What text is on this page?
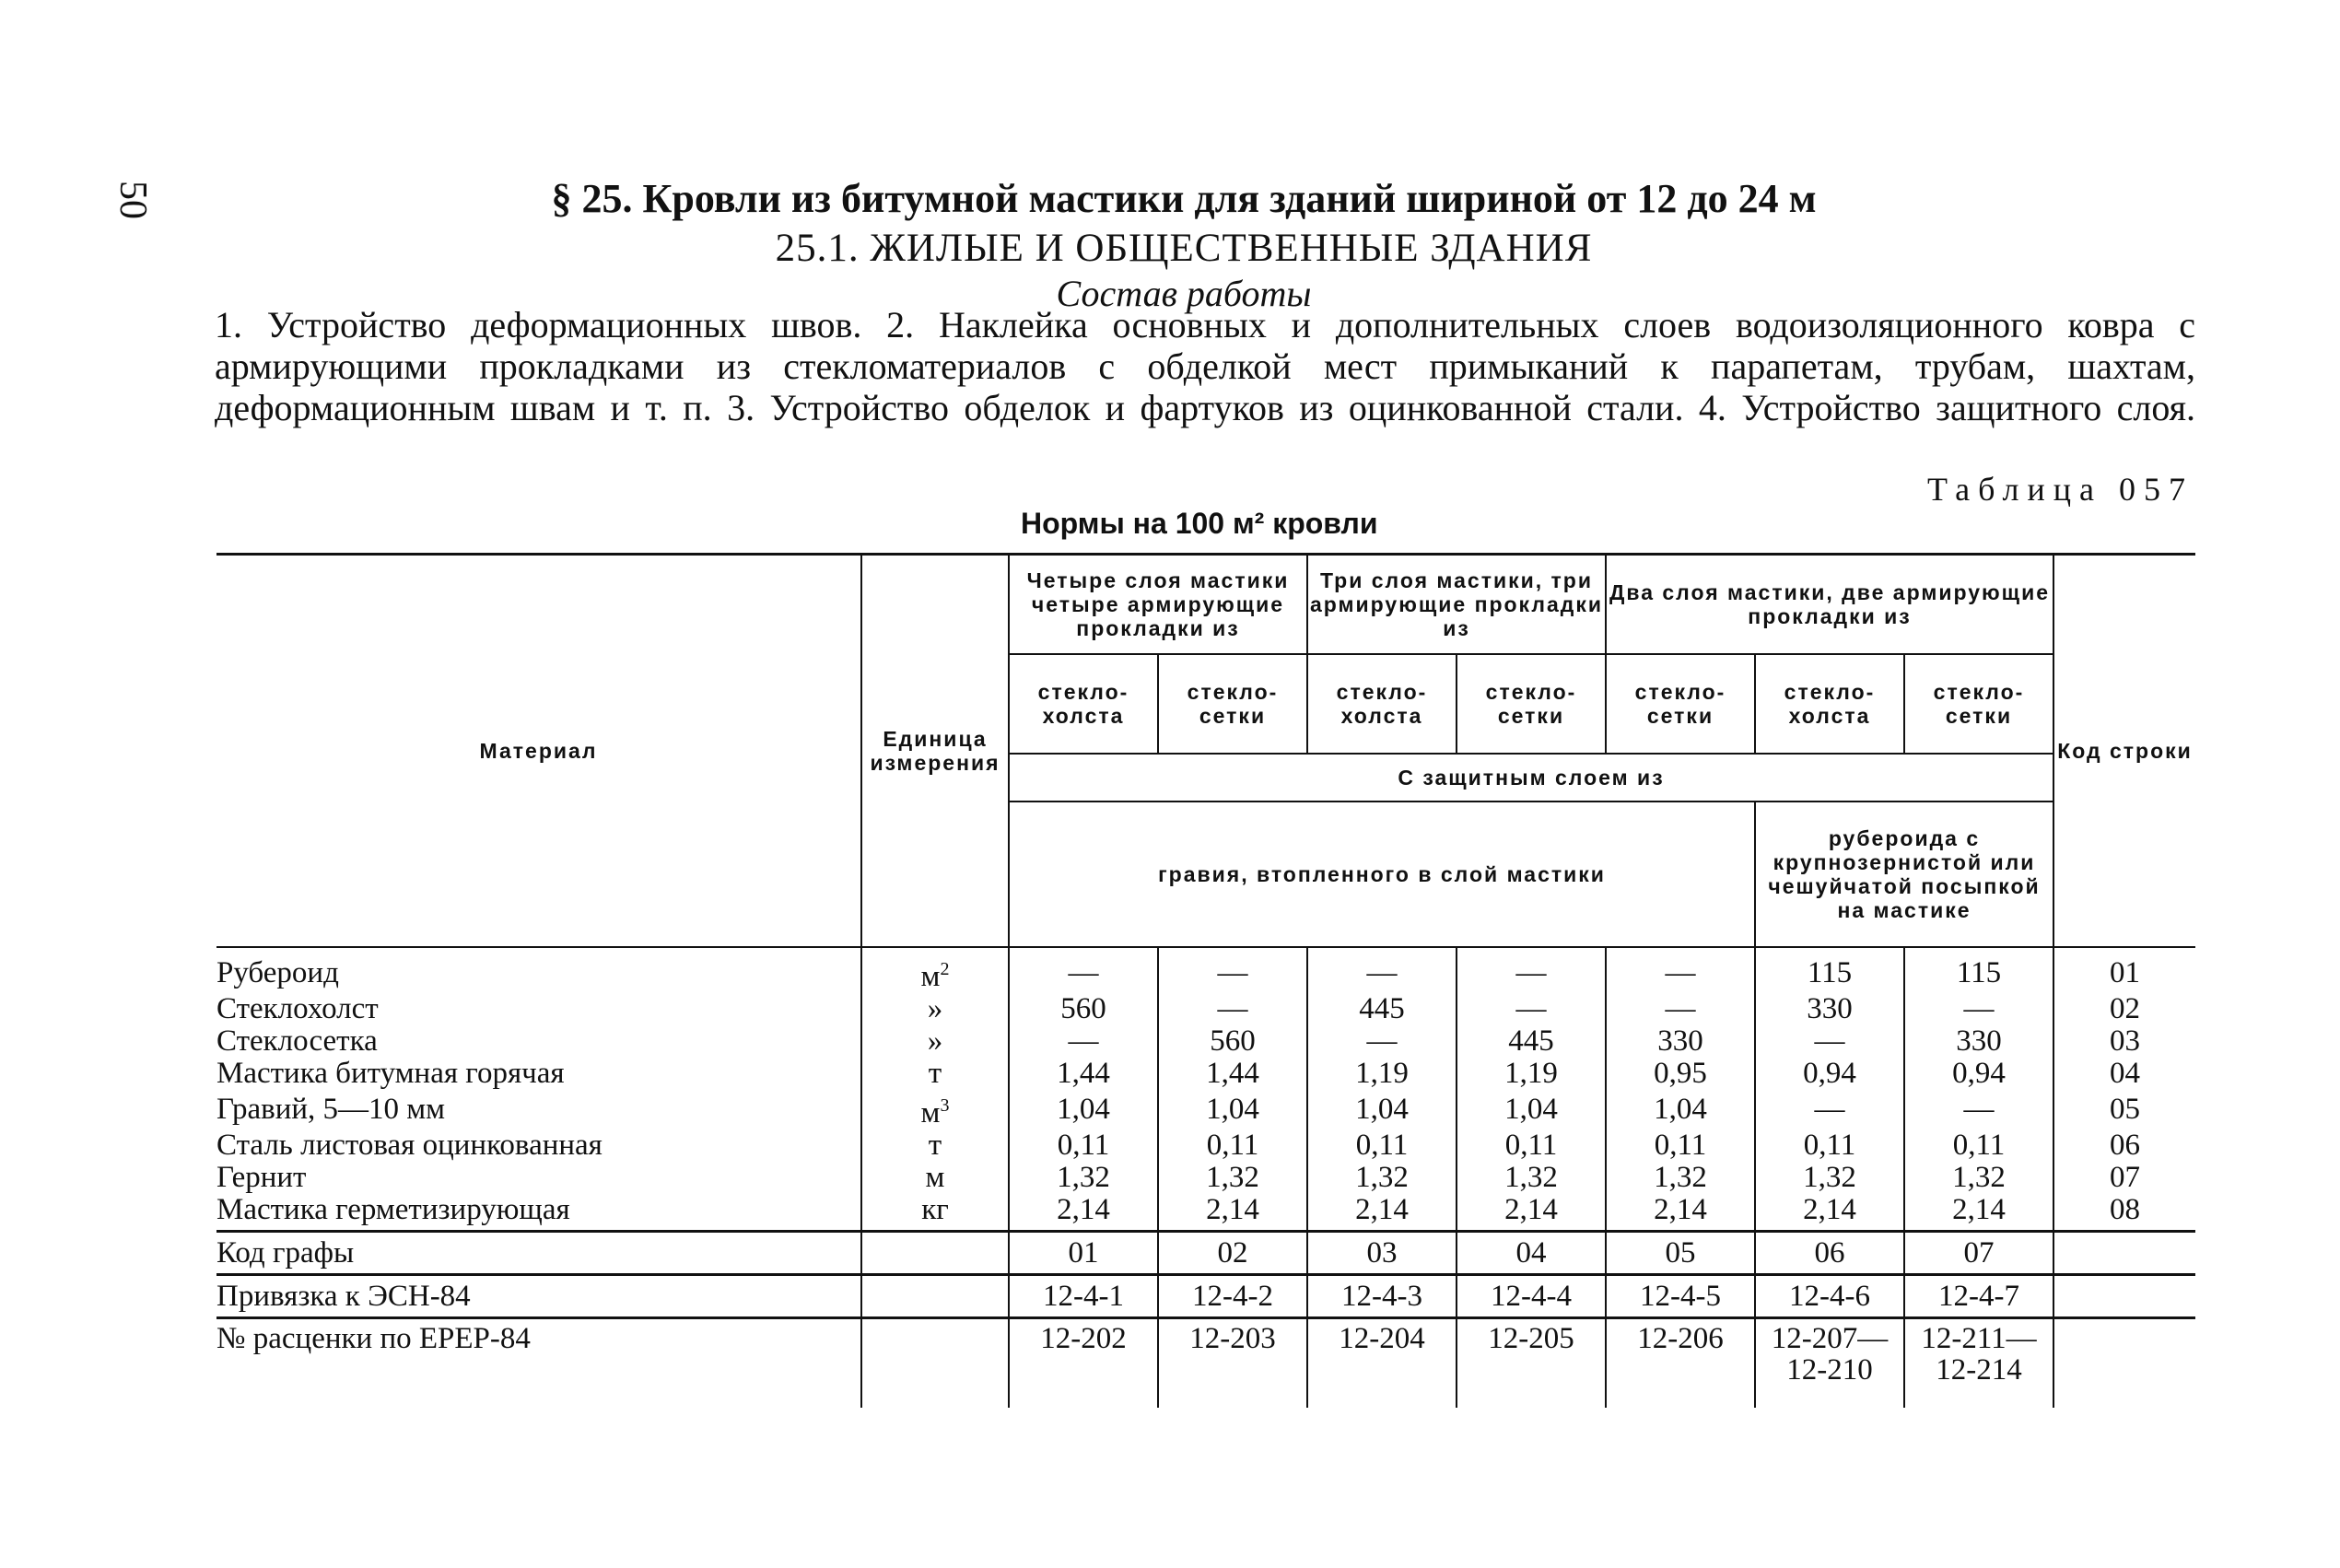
50	§ 25. Кровли из битумной мастики для зданий шириной от 12 до 24 м
25.1. ЖИЛЫЕ И ОБЩЕСТВЕННЫЕ ЗДАНИЯ
Состав работы
1. Устройство деформационных швов. 2. Наклейка основных и дополнительных слоев водоизоляционного ковра с армирующими прокладками из стекломатериалов с обделкой мест примыканий к парапетам, трубам, шахтам, деформационным швам и т. п. 3. Устройство обделок и фартуков из оцинкованной стали. 4. Устройство защитного слоя.
Таблица 057
Нормы на 100 м² кровли
Материал	Единица измерения	Четыре слоя мастики четыре армирующие прокладки из		Три слоя мастики, три армирующие прокладки из		Два слоя мастики, две армирующие прокладки из			Код строки
		стекло-холста	стекло-сетки	стекло-холста	стекло-сетки	стекло-сетки	стекло-холста	стекло-сетки	
		С защитным слоем из							
		гравия, втопленного в слой мастики					рубероида с крупнозернистой или чешуйчатой посыпкой на мастике		
Рубероид	$м^2$	—	—	—	—	—	115	115	01
Стеклохолст	»	560	—	445	—	—	330	—	02
Стеклосетка	»	—	560	—	445	330	—	330	03
Мастика битумная горячая	т	1,44	1,44	1,19	1,19	0,95	0,94	0,94	04
Гравий, 5—10 мм	$м^3$	1,04	1,04	1,04	1,04	1,04	—	—	05
Сталь листовая оцинкованная	т	0,11	0,11	0,11	0,11	0,11	0,11	0,11	06
Гернит	м	1,32	1,32	1,32	1,32	1,32	1,32	1,32	07
Мастика герметизирующая	кг	2,14	2,14	2,14	2,14	2,14	2,14	2,14	08
Код графы		01	02	03	04	05	06	07	
Привязка к ЭСН-84		12-4-1	12-4-2	12-4-3	12-4-4	12-4-5	12-4-6	12-4-7	
№ расценки по ЕРЕР-84		12-202	12-203	12-204	12-205	12-206	12-207—12-210	12-211—12-214	
